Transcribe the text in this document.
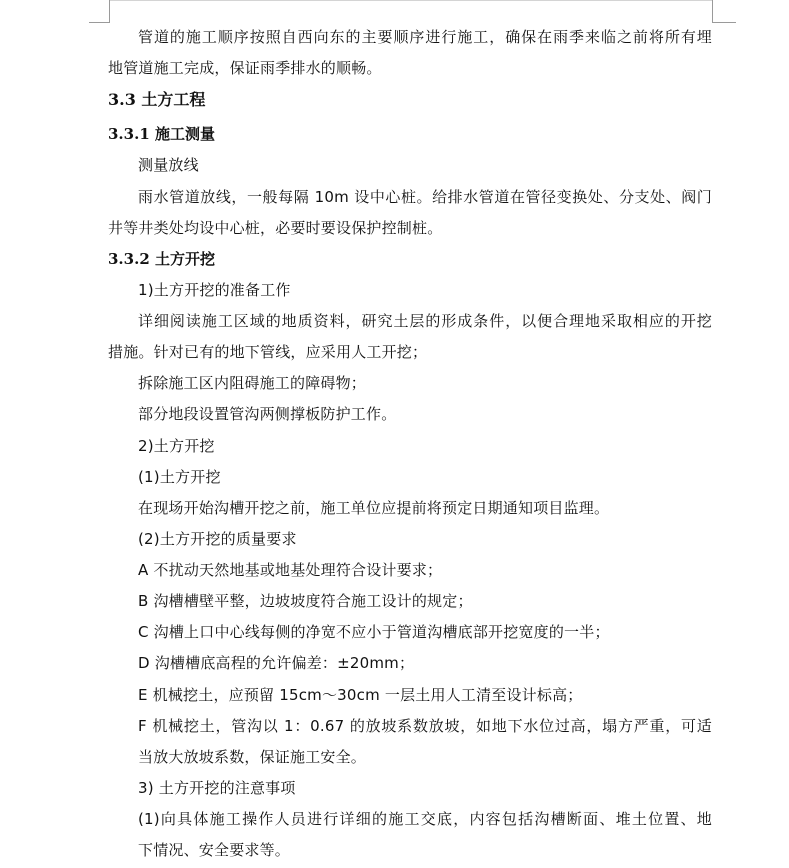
管道的施工顺序按照自西向东的主要顺序进行施工，确保在雨季来临之前将所有埋
地管道施工完成，保证雨季排水的顺畅。
3.3 土方工程
3.3.1 施工测量
测量放线
雨水管道放线，一般每隔 10m 设中心桩。给排水管道在管径变换处、分支处、阀门
井等井类处均设中心桩，必要时要设保护控制桩。
3.3.2 土方开挖
1)土方开挖的准备工作
详细阅读施工区域的地质资料，研究土层的形成条件，以便合理地采取相应的开挖
措施。针对已有的地下管线，应采用人工开挖；
拆除施工区内阻碍施工的障碍物；
部分地段设置管沟两侧撑板防护工作。
2)土方开挖
(1)土方开挖
在现场开始沟槽开挖之前，施工单位应提前将预定日期通知项目监理。
(2)土方开挖的质量要求
A 不扰动天然地基或地基处理符合设计要求；
B 沟槽槽壁平整，边坡坡度符合施工设计的规定；
C 沟槽上口中心线每侧的净宽不应小于管道沟槽底部开挖宽度的一半；
D 沟槽槽底高程的允许偏差：±20mm；
E 机械挖土，应预留 15cm～30cm 一层土用人工清至设计标高；
F 机械挖土，管沟以 1：0.67 的放坡系数放坡，如地下水位过高，塌方严重，可适
当放大放坡系数，保证施工安全。
3) 土方开挖的注意事项
(1)向具体施工操作人员进行详细的施工交底，内容包括沟槽断面、堆土位置、地
下情况、安全要求等。
